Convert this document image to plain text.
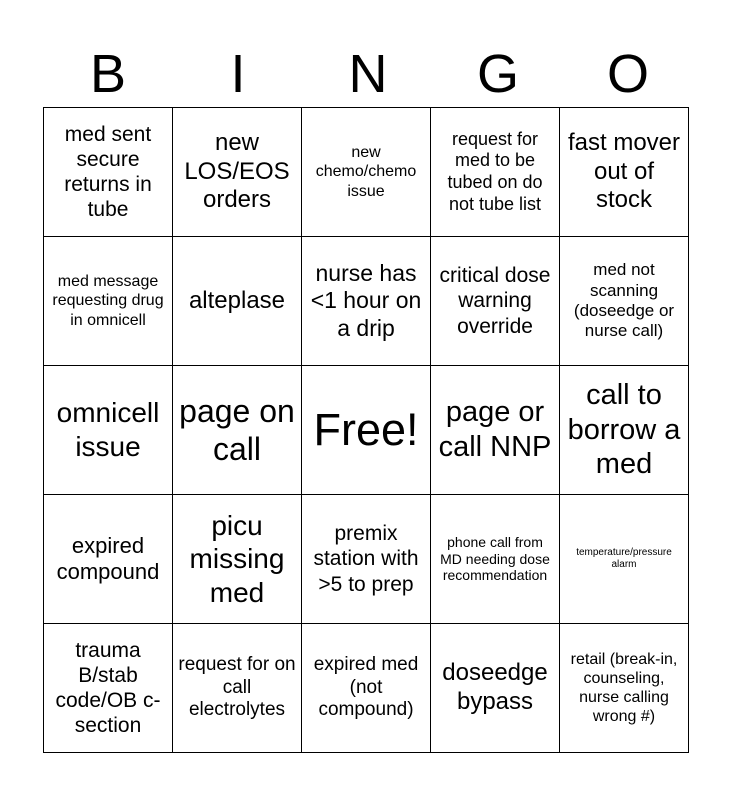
B	I	N	G	O
med sent secure returns in tube	new LOS/EOS orders	new chemo/chemo issue	request for med to be tubed on do not tube list	fast mover out of stock
med message requesting drug in omnicell	alteplase	nurse has <1 hour on a drip	critical dose warning override	med not scanning (doseedge or nurse call)
omnicell issue	page on call	Free!	page or call NNP	call to borrow a med
expired compound	picu missing med	premix station with >5 to prep	phone call from MD needing dose recommendation	temperature/pressure alarm
trauma B/stab code/OB c-section	request for on call electrolytes	expired med (not compound)	doseedge bypass	retail (break-in, counseling, nurse calling wrong #)
